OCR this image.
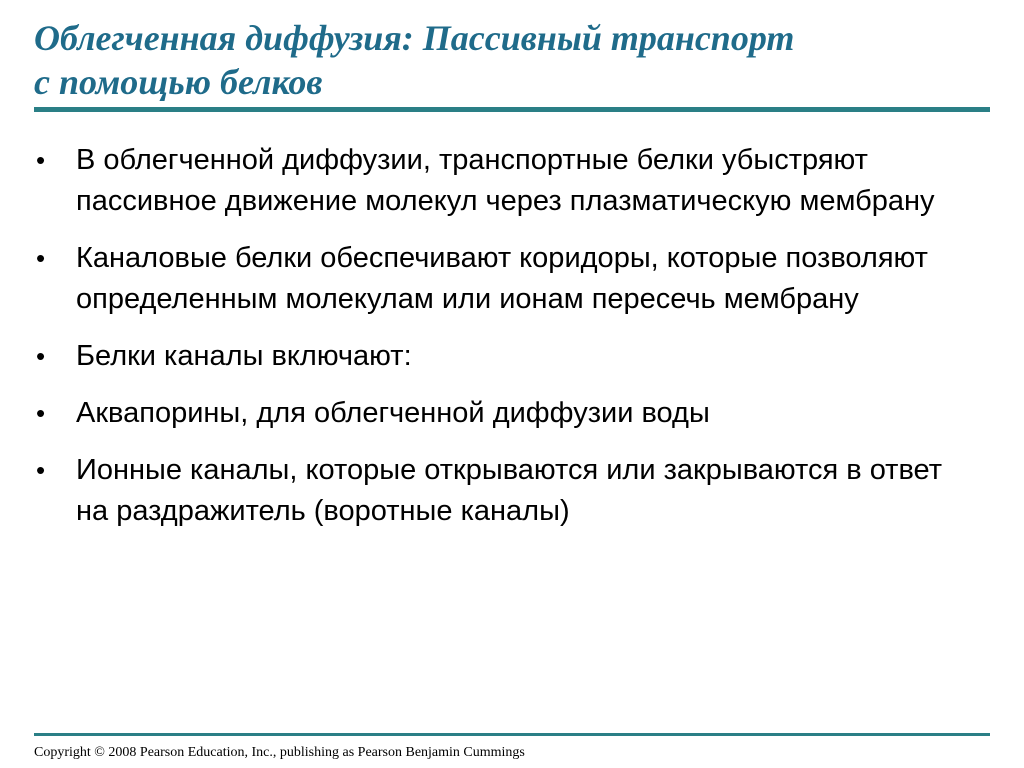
Облегченная диффузия: Пассивный транспорт
с помощью белков
• В облегченной диффузии, транспортные белки убыстряют пассивное движение молекул через плазматическую мембрану
• Каналовые белки обеспечивают коридоры, которые позволяют определенным молекулам или ионам пересечь мембрану
• Белки каналы включают:
• Аквапорины, для облегченной диффузии воды
• Ионные каналы, которые открываются или закрываются в ответ на раздражитель (воротные каналы)
Copyright © 2008 Pearson Education, Inc., publishing as Pearson Benjamin Cummings
